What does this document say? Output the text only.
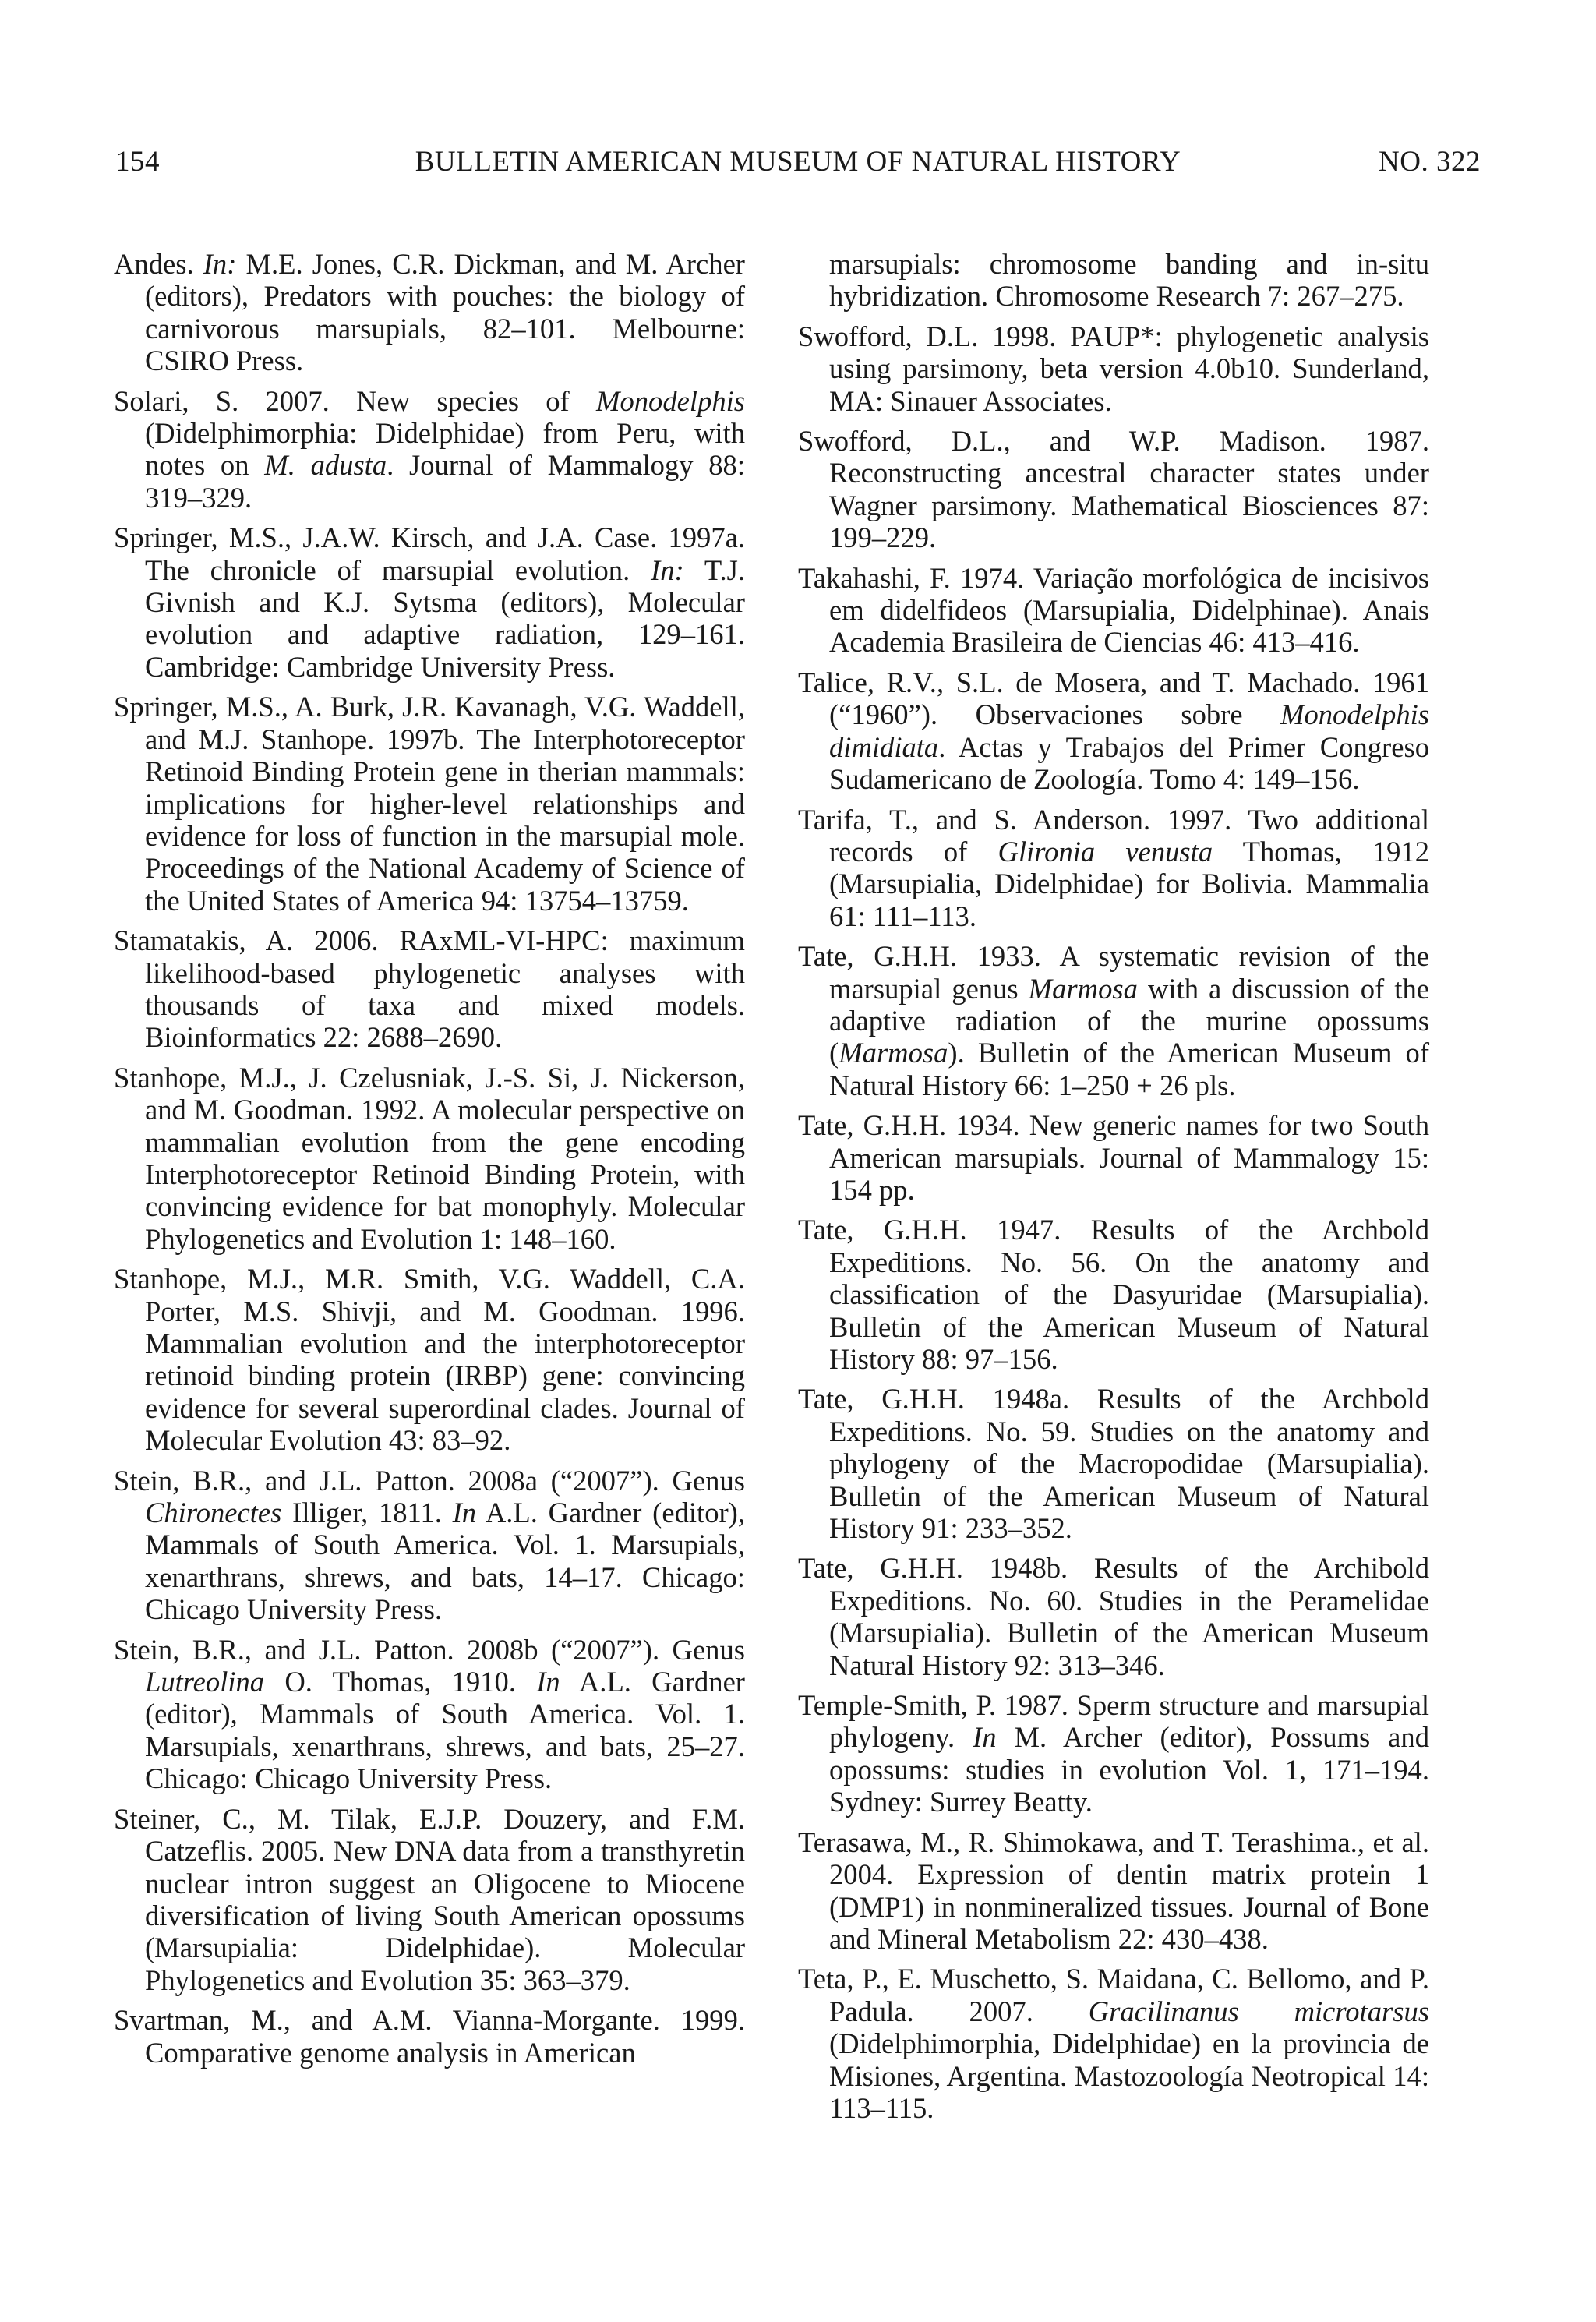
154	BULLETIN AMERICAN MUSEUM OF NATURAL HISTORY	NO. 322

Andes. In: M.E. Jones, C.R. Dickman, and M. Archer (editors), Predators with pouches: the biology of carnivorous marsupials, 82–101. Melbourne: CSIRO Press.

Solari, S. 2007. New species of Monodelphis (Didelphimorphia: Didelphidae) from Peru, with notes on M. adusta. Journal of Mammalogy 88: 319–329.

Springer, M.S., J.A.W. Kirsch, and J.A. Case. 1997a. The chronicle of marsupial evolution. In: T.J. Givnish and K.J. Sytsma (editors), Molecular evolution and adaptive radiation, 129–161. Cambridge: Cambridge University Press.

Springer, M.S., A. Burk, J.R. Kavanagh, V.G. Waddell, and M.J. Stanhope. 1997b. The Interphotoreceptor Retinoid Binding Protein gene in therian mammals: implications for higher-level relationships and evidence for loss of function in the marsupial mole. Proceedings of the National Academy of Science of the United States of America 94: 13754–13759.

Stamatakis, A. 2006. RAxML-VI-HPC: maximum likelihood-based phylogenetic analyses with thousands of taxa and mixed models. Bioinformatics 22: 2688–2690.

Stanhope, M.J., J. Czelusniak, J.-S. Si, J. Nickerson, and M. Goodman. 1992. A molecular perspective on mammalian evolution from the gene encoding Interphotoreceptor Retinoid Binding Protein, with convincing evidence for bat monophyly. Molecular Phylogenetics and Evolution 1: 148–160.

Stanhope, M.J., M.R. Smith, V.G. Waddell, C.A. Porter, M.S. Shivji, and M. Goodman. 1996. Mammalian evolution and the interphotoreceptor retinoid binding protein (IRBP) gene: convincing evidence for several superordinal clades. Journal of Molecular Evolution 43: 83–92.

Stein, B.R., and J.L. Patton. 2008a (“2007”). Genus Chironectes Illiger, 1811. In A.L. Gardner (editor), Mammals of South America. Vol. 1. Marsupials, xenarthrans, shrews, and bats, 14–17. Chicago: Chicago University Press.

Stein, B.R., and J.L. Patton. 2008b (“2007”). Genus Lutreolina O. Thomas, 1910. In A.L. Gardner (editor), Mammals of South America. Vol. 1. Marsupials, xenarthrans, shrews, and bats, 25–27. Chicago: Chicago University Press.

Steiner, C., M. Tilak, E.J.P. Douzery, and F.M. Catzeflis. 2005. New DNA data from a transthyretin nuclear intron suggest an Oligocene to Miocene diversification of living South American opossums (Marsupialia: Didelphidae). Molecular Phylogenetics and Evolution 35: 363–379.

Svartman, M., and A.M. Vianna-Morgante. 1999. Comparative genome analysis in American

marsupials: chromosome banding and in-situ hybridization. Chromosome Research 7: 267–275.

Swofford, D.L. 1998. PAUP*: phylogenetic analysis using parsimony, beta version 4.0b10. Sunderland, MA: Sinauer Associates.

Swofford, D.L., and W.P. Madison. 1987. Reconstructing ancestral character states under Wagner parsimony. Mathematical Biosciences 87: 199–229.

Takahashi, F. 1974. Variação morfológica de incisivos em didelfideos (Marsupialia, Didelphinae). Anais Academia Brasileira de Ciencias 46: 413–416.

Talice, R.V., S.L. de Mosera, and T. Machado. 1961 (“1960”). Observaciones sobre Monodelphis dimidiata. Actas y Trabajos del Primer Congreso Sudamericano de Zoología. Tomo 4: 149–156.

Tarifa, T., and S. Anderson. 1997. Two additional records of Glironia venusta Thomas, 1912 (Marsupialia, Didelphidae) for Bolivia. Mammalia 61: 111–113.

Tate, G.H.H. 1933. A systematic revision of the marsupial genus Marmosa with a discussion of the adaptive radiation of the murine opossums (Marmosa). Bulletin of the American Museum of Natural History 66: 1–250 + 26 pls.

Tate, G.H.H. 1934. New generic names for two South American marsupials. Journal of Mammalogy 15: 154 pp.

Tate, G.H.H. 1947. Results of the Archbold Expeditions. No. 56. On the anatomy and classification of the Dasyuridae (Marsupialia). Bulletin of the American Museum of Natural History 88: 97–156.

Tate, G.H.H. 1948a. Results of the Archbold Expeditions. No. 59. Studies on the anatomy and phylogeny of the Macropodidae (Marsupialia). Bulletin of the American Museum of Natural History 91: 233–352.

Tate, G.H.H. 1948b. Results of the Archibold Expeditions. No. 60. Studies in the Peramelidae (Marsupialia). Bulletin of the American Museum Natural History 92: 313–346.

Temple-Smith, P. 1987. Sperm structure and marsupial phylogeny. In M. Archer (editor), Possums and opossums: studies in evolution Vol. 1, 171–194. Sydney: Surrey Beatty.

Terasawa, M., R. Shimokawa, and T. Terashima., et al. 2004. Expression of dentin matrix protein 1 (DMP1) in nonmineralized tissues. Journal of Bone and Mineral Metabolism 22: 430–438.

Teta, P., E. Muschetto, S. Maidana, C. Bellomo, and P. Padula. 2007. Gracilinanus microtarsus (Didelphimorphia, Didelphidae) en la provincia de Misiones, Argentina. Mastozoología Neotropical 14: 113–115.
